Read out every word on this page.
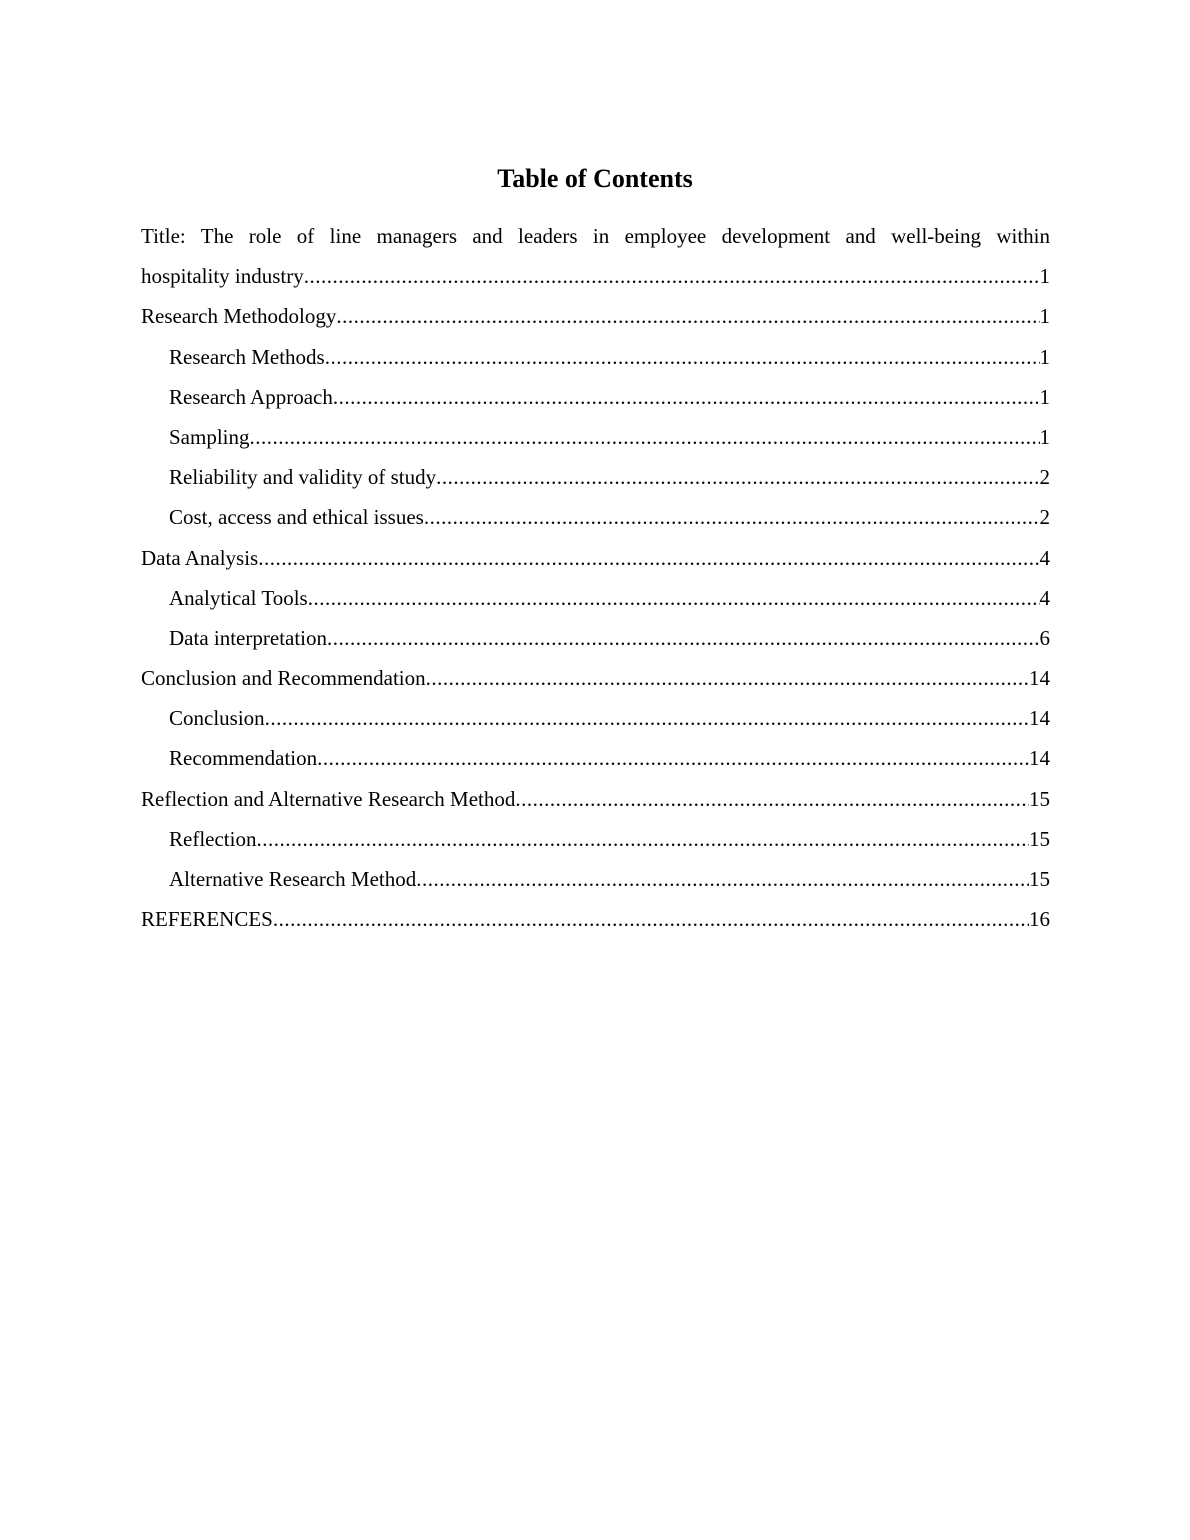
Table of Contents
Title: The role of line managers and leaders in employee development and well-being within
hospitality industry .....	1
Research Methodology .....	1
Research Methods .....	1
Research Approach .....	1
Sampling .....	1
Reliability and validity of study .....	2
Cost, access and ethical issues .....	2
Data Analysis .....	4
Analytical Tools .....	4
Data interpretation .....	6
Conclusion and Recommendation .....	14
Conclusion .....	14
Recommendation .....	14
Reflection and Alternative Research Method .....	15
Reflection .....	15
Alternative Research Method .....	15
REFERENCES .....	16
